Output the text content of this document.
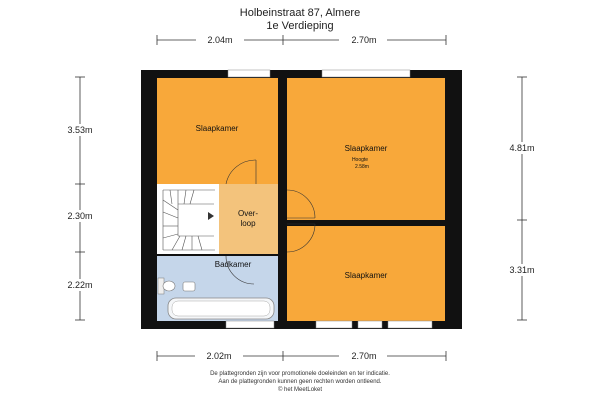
Holbeinstraat 87, Almere
1e Verdieping
2.04m	2.70m
2.02m	2.70m
3.53m
2.30m
2.22m
4.81m
3.31m
Slaapkamer
Slaapkamer
Hoogte
2.58m
Over-
loop
Badkamer
Slaapkamer
De plattegronden zijn voor promotionele doeleinden en ter indicatie.
Aan de plattegronden kunnen geen rechten worden ontleend.
© het MeetLoket
